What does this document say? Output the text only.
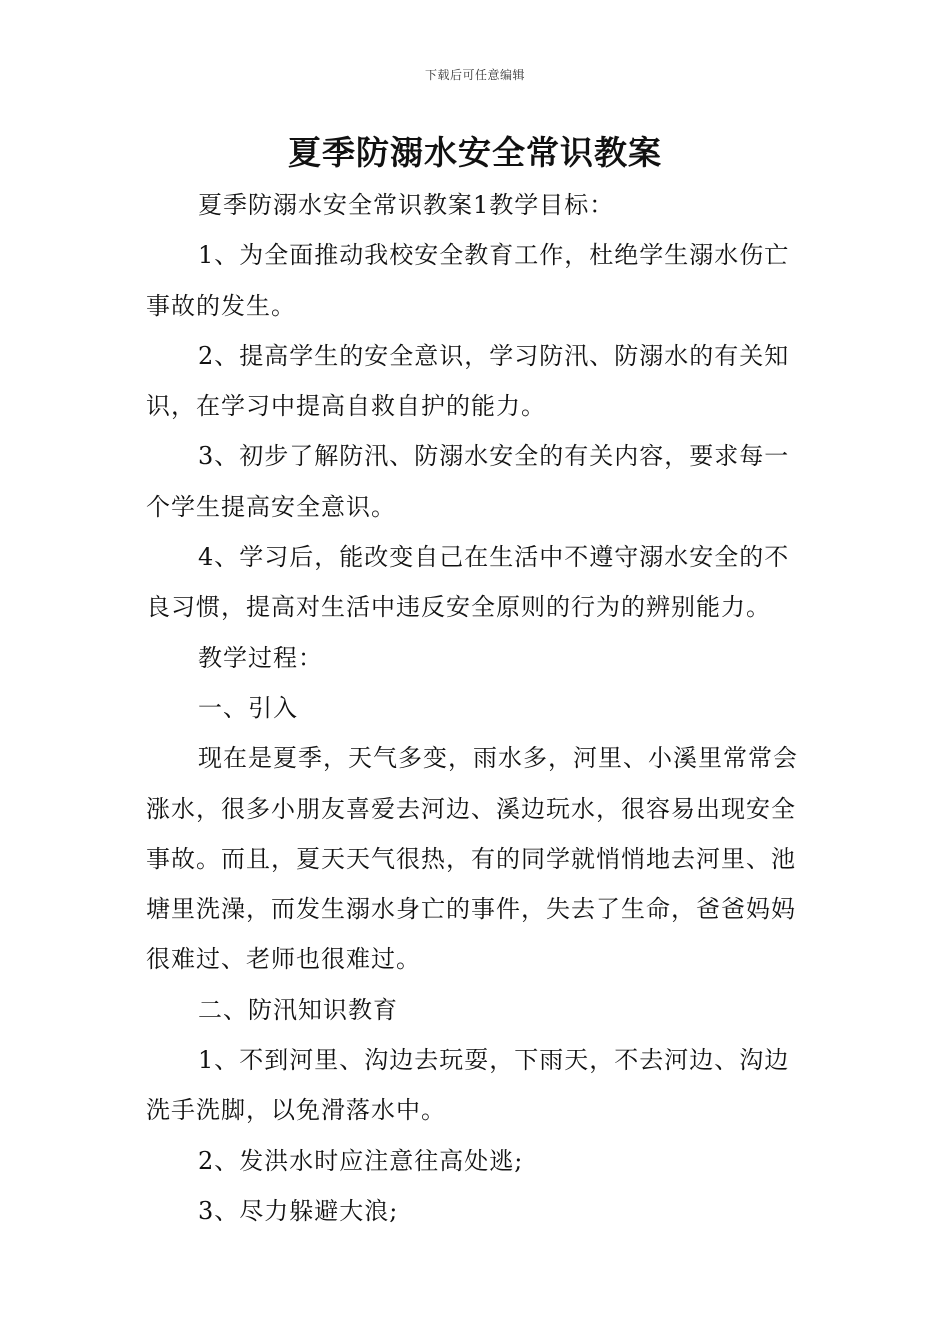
下载后可任意编辑
夏季防溺水安全常识教案

夏季防溺水安全常识教案1教学目标：

1、为全面推动我校安全教育工作，杜绝学生溺水伤亡事故的发生。

2、提高学生的安全意识，学习防汛、防溺水的有关知识，在学习中提高自救自护的能力。

3、初步了解防汛、防溺水安全的有关内容，要求每一个学生提高安全意识。

4、学习后，能改变自己在生活中不遵守溺水安全的不良习惯，提高对生活中违反安全原则的行为的辨别能力。

教学过程：

一、引入

现在是夏季，天气多变，雨水多，河里、小溪里常常会涨水，很多小朋友喜爱去河边、溪边玩水，很容易出现安全事故。而且，夏天天气很热，有的同学就悄悄地去河里、池塘里洗澡，而发生溺水身亡的事件，失去了生命，爸爸妈妈很难过、老师也很难过。

二、防汛知识教育

1、不到河里、沟边去玩耍，下雨天，不去河边、沟边洗手洗脚，以免滑落水中。

2、发洪水时应注意往高处逃;

3、尽力躲避大浪;
